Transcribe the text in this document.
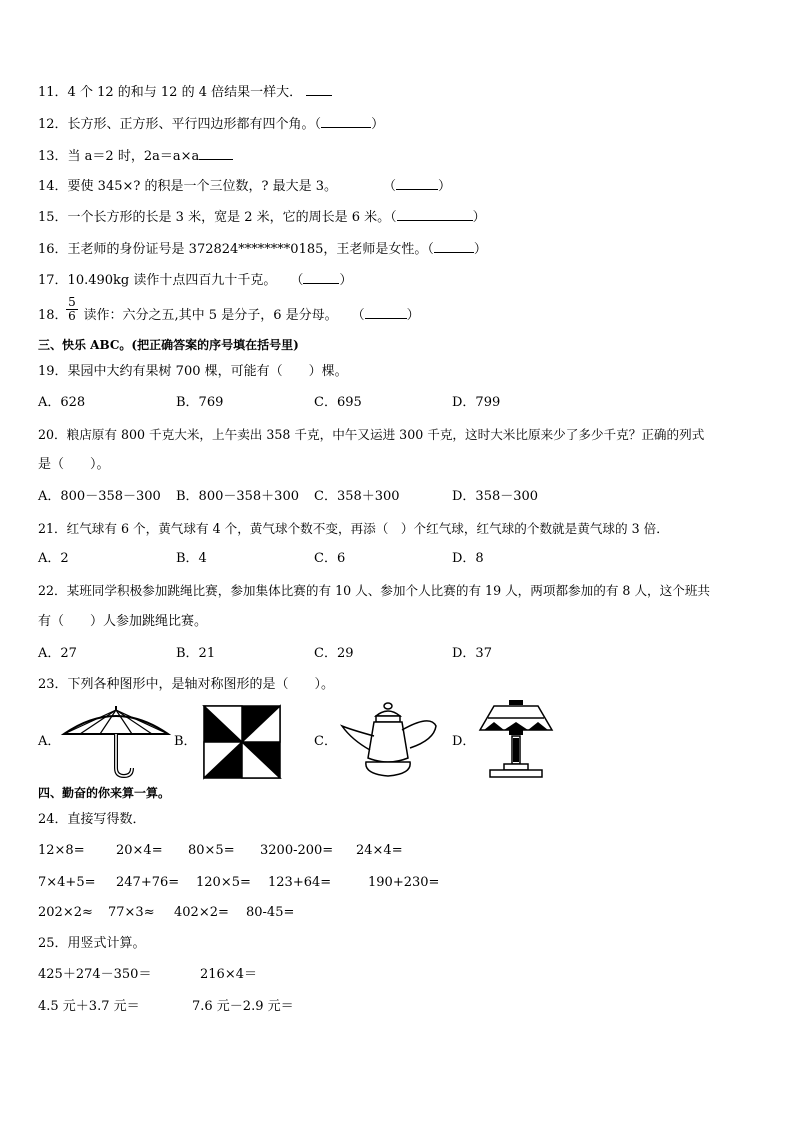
11．4 个 12 的和与 12 的 4 倍结果一样大．
12．长方形、正方形、平行四边形都有四个角。（	）
13．当 a＝2 时，2a＝a×a
14．要使 345×? 的积是一个三位数，? 最大是 3。	（	）
15．一个长方形的长是 3 米，宽是 2 米，它的周长是 6 米。（	）
16．王老师的身份证号是 372824********0185，王老师是女性。（	）
17．10.490kg 读作十点四百九十千克。 （	）
$\frac{5}{6}$
18． 读作：六分之五,其中 5 是分子，6 是分母。 （	）
三、快乐 ABC。(把正确答案的序号填在括号里)
19．果园中大约有果树 700 棵，可能有（　　）棵。
A．628	B．769	C．695	D．799
20．粮店原有 800 千克大米，上午卖出 358 千克，中午又运进 300 千克，这时大米比原来少了多少千克？正确的列式
是（　　）。
A．800－358－300 B．800－358＋300 C．358＋300	D．358－300
21．红气球有 6 个，黄气球有 4 个，黄气球个数不变，再添（　）个红气球，红气球的个数就是黄气球的 3 倍．
A．2	B．4	C．6	D．8
22．某班同学积极参加跳绳比赛，参加集体比赛的有 10 人、参加个人比赛的有 19 人，两项都参加的有 8 人，这个班共
有（　　）人参加跳绳比赛。
A．27	B．21	C．29	D．37
23．下列各种图形中，是轴对称图形的是（　　）。
A．	B．	C．	D．
四、勤奋的你来算一算。
24．直接写得数．
12×8= 20×4= 80×5= 3200-200= 24×4=
7×4+5= 247+76= 120×5= 123+64=	190+230=
202×2≈ 77×3≈ 402×2= 80-45=
25．用竖式计算。
425＋274－350＝	216×4＝
4.5 元＋3.7 元＝	7.6 元－2.9 元＝
